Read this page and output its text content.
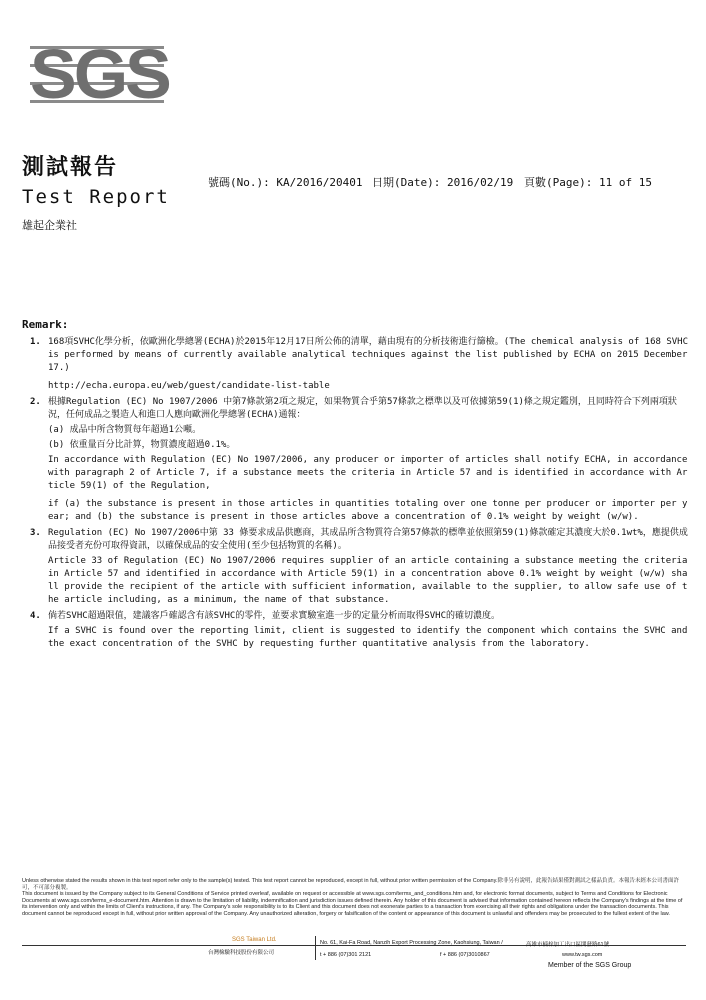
SGS
測試報告
Test Report
雄起企業社
號碼(No.): KA/2016/20401 日期(Date): 2016/02/19 頁數(Page): 11 of 15
Remark:
1. 168項SVHC化學分析，依歐洲化學總署(ECHA)於2015年12月17日所公佈的清單，藉由現有的分析技術進行篩檢。(The chemical analysis of 168 SVHC is performed by means of currently available analytical techniques against the list published by ECHA on 2015 December 17.)

http://echa.europa.eu/web/guest/candidate-list-table

2. 根據Regulation (EC) No 1907/2006 中第7條款第2項之規定，如果物質合乎第57條款之標準以及可依據第59(1)條之規定鑑別，且同時符合下列兩項狀況，任何成品之製造人和進口人應向歐洲化學總署(ECHA)通報：

(a) 成品中所含物質每年超過1公噸。

(b) 依重量百分比計算，物質濃度超過0.1%。

In accordance with Regulation (EC) No 1907/2006, any producer or importer of articles shall notify ECHA, in accordance with paragraph 2 of Article 7, if a substance meets the criteria in Article 57 and is identified in accordance with Article 59(1) of the Regulation,

if (a) the substance is present in those articles in quantities totaling over one tonne per producer or importer per year; and (b) the substance is present in those articles above a concentration of 0.1% weight by weight (w/w).

3. Regulation (EC) No 1907/2006中第 33 條要求成品供應商，其成品所含物質符合第57條款的標準並依照第59(1)條款確定其濃度大於0.1wt%，應提供成品接受者充份可取得資訊，以確保成品的安全使用(至少包括物質的名稱)。

Article 33 of Regulation (EC) No 1907/2006 requires supplier of an article containing a substance meeting the criteria in Article 57 and identified in accordance with Article 59(1) in a concentration above 0.1% weight by weight (w/w) shall provide the recipient of the article with sufficient information, available to the supplier, to allow safe use of the article including, as a minimum, the name of that substance.

4. 倘若SVHC超過限值，建議客戶確認含有該SVHC的零件，並要求實驗室進一步的定量分析而取得SVHC的確切濃度。

If a SVHC is found over the reporting limit, client is suggested to identify the component which contains the SVHC and the exact concentration of the SVHC by requesting further quantitative analysis from the laboratory.

Unless otherwise stated the results shown in this test report refer only to the sample(s) tested. This test report cannot be reproduced, except in full, without prior written permission of the Company.除非另有說明，此報告結果僅對測試之樣品負責。本報告未經本公司書面許可，不可部分複製。
This document is issued by the Company subject to its General Conditions of Service printed overleaf, available on request or accessible at www.sgs.com/terms_and_conditions.htm and, for electronic format documents, subject to Terms and Conditions for Electronic Documents at www.sgs.com/terms_e-document.htm. Attention is drawn to the limitation of liability, indemnification and jurisdiction issues defined therein. Any holder of this document is advised that information contained hereon reflects the Company's findings at the time of its intervention only and within the limits of Client's instructions, if any. The Company's sole responsibility is to its Client and this document does not exonerate parties to a transaction from exercising all their rights and obligations under the transaction documents. This document cannot be reproduced except in full, without prior written approval of the Company. Any unauthorized alteration, forgery or falsification of the content or appearance of this document is unlawful and offenders may be prosecuted to the fullest extent of the law.
SGS Taiwan Ltd.
台灣檢驗科技股份有限公司
No. 61, Kai-Fa Road, Nanzih Export Processing Zone, Kaohsiung, Taiwan /
t + 886 (07)301 2121	f + 886 (07)3010867
高雄市楠梓加工出口區開發路61號
www.tw.sgs.com
Member of the SGS Group
